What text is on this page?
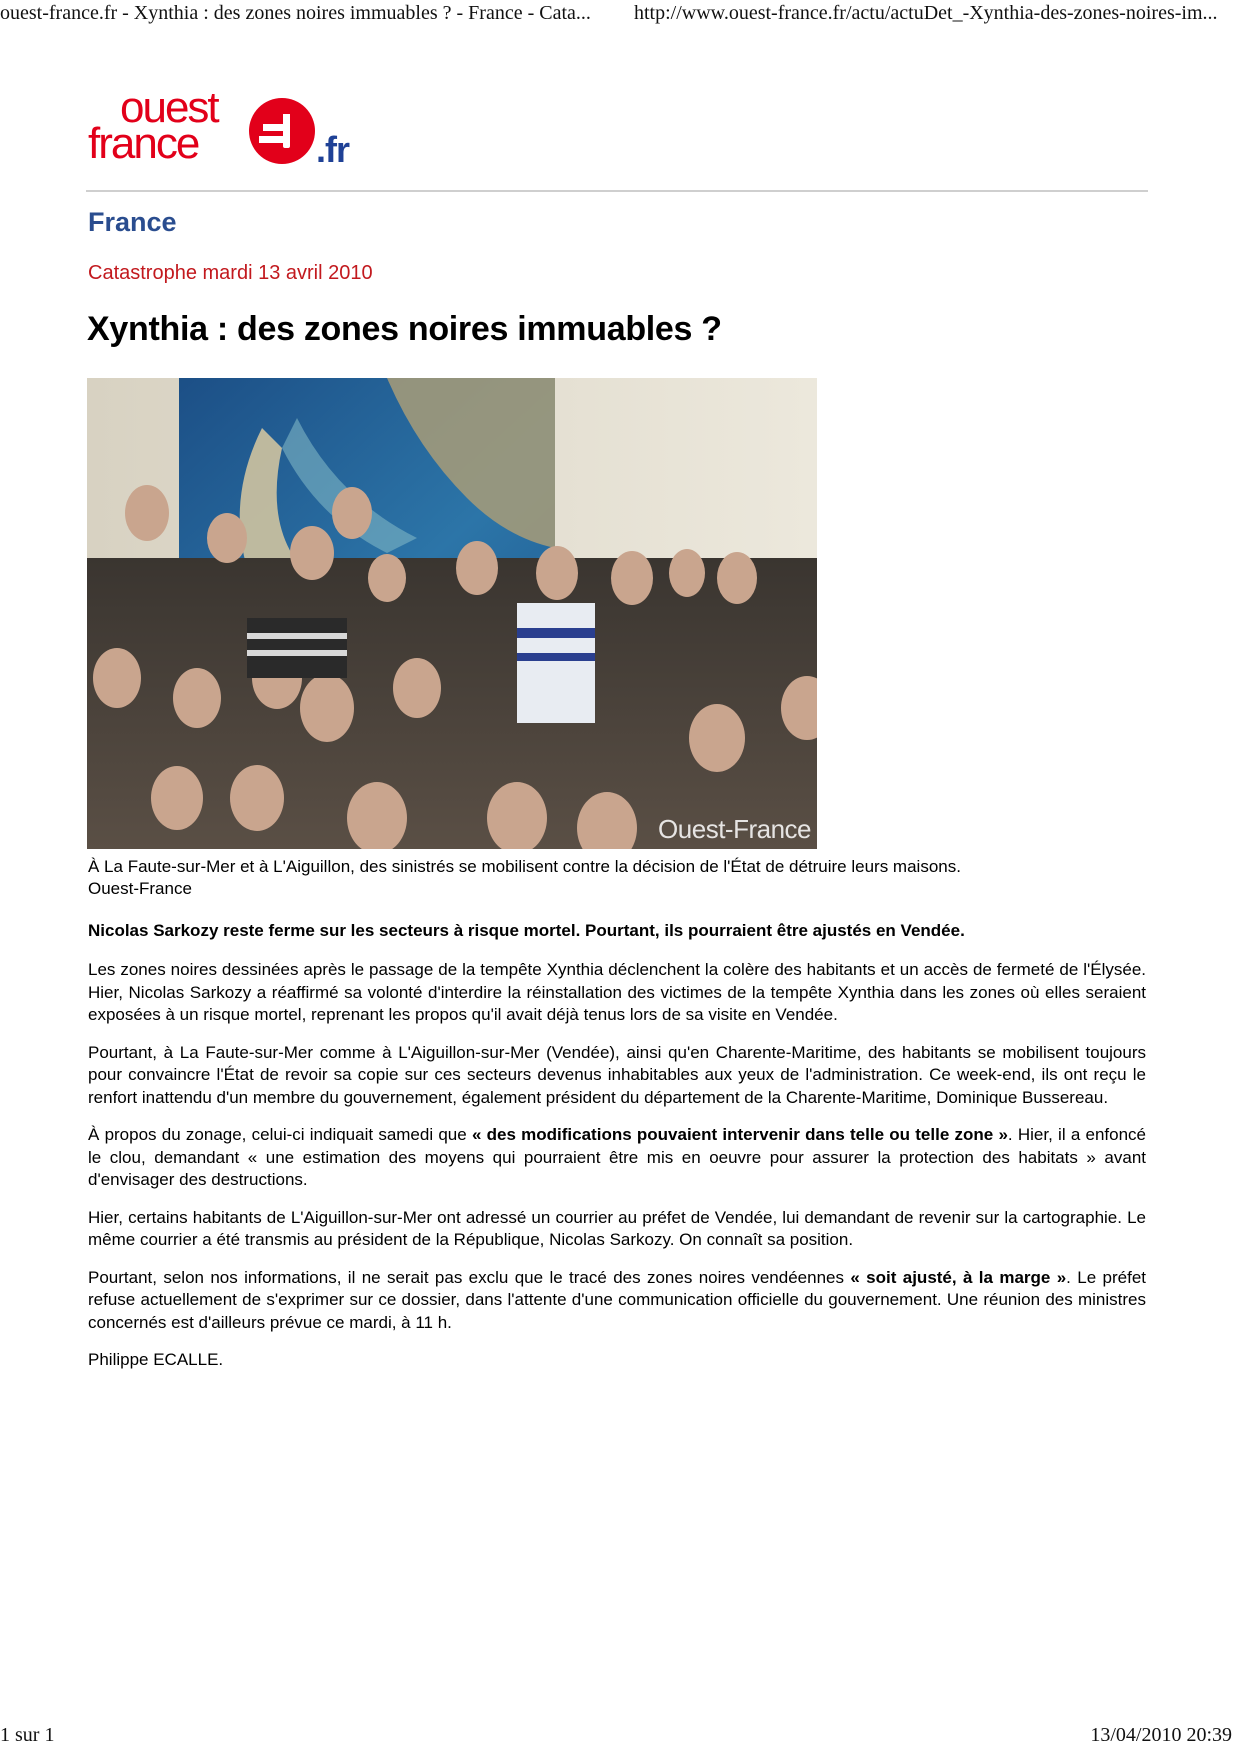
ouest-france.fr - Xynthia : des zones noires immuables ? - France - Cata... http://www.ouest-france.fr/actu/actuDet_-Xynthia-des-zones-noires-im...
ouest
france	.fr
France
Catastrophe mardi 13 avril 2010
Xynthia : des zones noires immuables ?
Ouest-France
À La Faute-sur-Mer et à L'Aiguillon, des sinistrés se mobilisent contre la décision de l'État de détruire leurs maisons.
Ouest-France
Nicolas Sarkozy reste ferme sur les secteurs à risque mortel. Pourtant, ils pourraient être ajustés en Vendée.

Les zones noires dessinées après le passage de la tempête Xynthia déclenchent la colère des habitants et un accès de fermeté de l'Élysée. Hier, Nicolas Sarkozy a réaffirmé sa volonté d'interdire la réinstallation des victimes de la tempête Xynthia dans les zones où elles seraient exposées à un risque mortel, reprenant les propos qu'il avait déjà tenus lors de sa visite en Vendée.

Pourtant, à La Faute-sur-Mer comme à L'Aiguillon-sur-Mer (Vendée), ainsi qu'en Charente-Maritime, des habitants se mobilisent toujours pour convaincre l'État de revoir sa copie sur ces secteurs devenus inhabitables aux yeux de l'administration. Ce week-end, ils ont reçu le renfort inattendu d'un membre du gouvernement, également président du département de la Charente-Maritime, Dominique Bussereau.

À propos du zonage, celui-ci indiquait samedi que « des modifications pouvaient intervenir dans telle ou telle zone ». Hier, il a enfoncé le clou, demandant « une estimation des moyens qui pourraient être mis en oeuvre pour assurer la protection des habitats » avant d'envisager des destructions.

Hier, certains habitants de L'Aiguillon-sur-Mer ont adressé un courrier au préfet de Vendée, lui demandant de revenir sur la cartographie. Le même courrier a été transmis au président de la République, Nicolas Sarkozy. On connaît sa position.

Pourtant, selon nos informations, il ne serait pas exclu que le tracé des zones noires vendéennes « soit ajusté, à la marge ». Le préfet refuse actuellement de s'exprimer sur ce dossier, dans l'attente d'une communication officielle du gouvernement. Une réunion des ministres concernés est d'ailleurs prévue ce mardi, à 11 h.

Philippe ECALLE.

1 sur 1	13/04/2010 20:39
